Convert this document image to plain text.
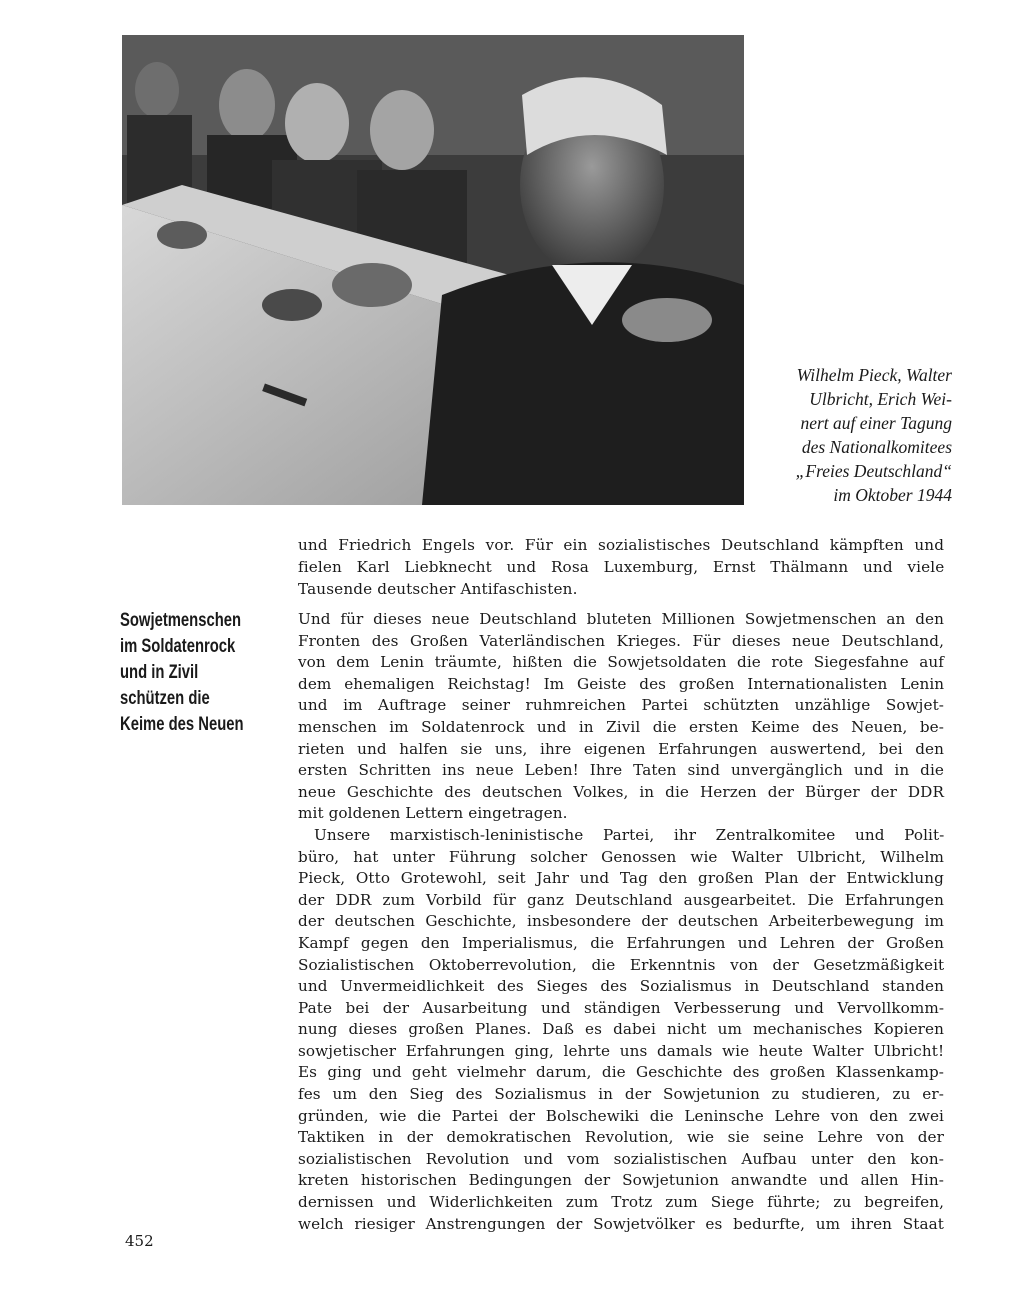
Wilhelm Pieck, Walter
Ulbricht, Erich Wei-
nert auf einer Tagung
des Nationalkomitees
„Freies Deutschland“
im Oktober 1944
und Friedrich Engels vor. Für ein sozialistisches Deutschland kämpften und
fielen Karl Liebknecht und Rosa Luxemburg, Ernst Thälmann und viele
Tausende deutscher Antifaschisten.
Sowjetmenschen
im Soldatenrock
und in Zivil
schützen die
Keime des Neuen
Und für dieses neue Deutschland bluteten Millionen Sowjetmenschen an den
Fronten des Großen Vaterländischen Krieges. Für dieses neue Deutschland,
von dem Lenin träumte, hißten die Sowjetsoldaten die rote Siegesfahne auf
dem ehemaligen Reichstag! Im Geiste des großen Internationalisten Lenin
und im Auftrage seiner ruhmreichen Partei schützten unzählige Sowjet-
menschen im Soldatenrock und in Zivil die ersten Keime des Neuen, be-
rieten und halfen sie uns, ihre eigenen Erfahrungen auswertend, bei den
ersten Schritten ins neue Leben! Ihre Taten sind unvergänglich und in die
neue Geschichte des deutschen Volkes, in die Herzen der Bürger der DDR
mit goldenen Lettern eingetragen.
Unsere marxistisch-leninistische Partei, ihr Zentralkomitee und Polit-
büro, hat unter Führung solcher Genossen wie Walter Ulbricht, Wilhelm
Pieck, Otto Grotewohl, seit Jahr und Tag den großen Plan der Entwicklung
der DDR zum Vorbild für ganz Deutschland ausgearbeitet. Die Erfahrungen
der deutschen Geschichte, insbesondere der deutschen Arbeiterbewegung im
Kampf gegen den Imperialismus, die Erfahrungen und Lehren der Großen
Sozialistischen Oktoberrevolution, die Erkenntnis von der Gesetzmäßigkeit
und Unvermeidlichkeit des Sieges des Sozialismus in Deutschland standen
Pate bei der Ausarbeitung und ständigen Verbesserung und Vervollkomm-
nung dieses großen Planes. Daß es dabei nicht um mechanisches Kopieren
sowjetischer Erfahrungen ging, lehrte uns damals wie heute Walter Ulbricht!
Es ging und geht vielmehr darum, die Geschichte des großen Klassenkamp-
fes um den Sieg des Sozialismus in der Sowjetunion zu studieren, zu er-
gründen, wie die Partei der Bolschewiki die Leninsche Lehre von den zwei
Taktiken in der demokratischen Revolution, wie sie seine Lehre von der
sozialistischen Revolution und vom sozialistischen Aufbau unter den kon-
kreten historischen Bedingungen der Sowjetunion anwandte und allen Hin-
dernissen und Widerlichkeiten zum Trotz zum Siege führte; zu begreifen,
welch riesiger Anstrengungen der Sowjetvölker es bedurfte, um ihren Staat
452
